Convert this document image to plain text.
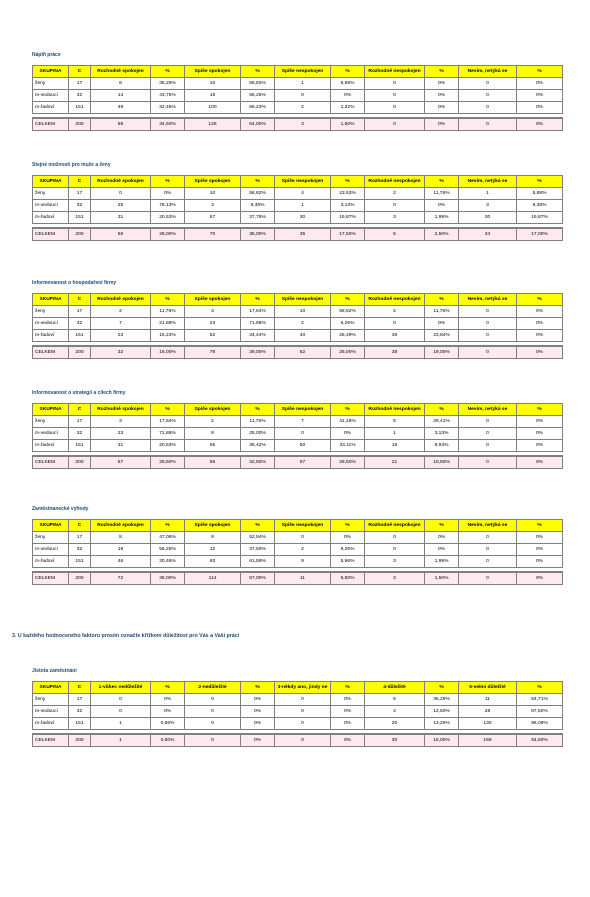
3. U každého hodnoceného faktoru prosím označte křížkem důležitost pro Vás a Vaši práci
Náplň práce
SKUPINA	C	Rozhodně spokojen	%	Spíše spokojen	%	Spíše nespokojen	%	Rozhodně nespokojen	%	Nevím, netýká se	%
ženy	17	6	35,29%	10	58,82%	1	5,88%	0	0%	0	0%
m-vedoucí	32	14	43,75%	18	56,25%	0	0%	0	0%	0	0%
m-řadoví	151	49	32,45%	100	66,23%	2	1,32%	0	0%	0	0%

CELKEM	200	69	34,50%	128	64,00%	3	1,50%	0	0%	0	0%
Stejné možnosti pro muže a ženy
SKUPINA	C	Rozhodně spokojen	%	Spíše spokojen	%	Spíše nespokojen	%	Rozhodně nespokojen	%	Nevím, netýká se	%
ženy	17	0	0%	10	58,82%	4	23,53%	2	11,76%	1	5,88%
m-vedoucí	32	25	78,13%	3	9,38%	1	3,13%	0	0%	3	9,38%
m-řadoví	151	31	20,53%	57	37,75%	30	19,87%	3	1,99%	30	19,87%

CELKEM	200	56	28,00%	70	35,00%	35	17,50%	5	2,50%	34	17,00%
Informovanost o hospodaření firmy
SKUPINA	C	Rozhodně spokojen	%	Spíše spokojen	%	Spíše nespokojen	%	Rozhodně nespokojen	%	Nevím, netýká se	%
ženy	17	2	11,76%	3	17,64%	10	58,82%	2	11,76%	0	0%
m-vedoucí	32	7	21,88%	23	71,88%	2	6,25%	0	0%	0	0%
m-řadoví	151	23	15,23%	52	34,44%	40	26,49%	36	23,84%	0	0%

CELKEM	200	32	16,00%	78	39,00%	52	26,00%	38	19,00%	0	0%
Informovanost o strategii a cílech firmy
SKUPINA	C	Rozhodně spokojen	%	Spíše spokojen	%	Spíše nespokojen	%	Rozhodně nespokojen	%	Nevím, netýká se	%
ženy	17	3	17,64%	2	11,76%	7	41,18%	5	29,41%	0	0%
m-vedoucí	32	23	71,86%	8	25,00%	0	0%	1	3,13%	0	0%
m-řadoví	151	31	20,53%	55	36,42%	50	33,11%	15	9,93%	0	0%

CELKEM	200	57	28,50%	65	32,50%	57	28,50%	21	10,50%	0	0%
Zaměstnanecké výhody
SKUPINA	C	Rozhodně spokojen	%	Spíše spokojen	%	Spíše nespokojen	%	Rozhodně nespokojen	%	Nevím, netýká se	%
ženy	17	8	47,06%	9	52,94%	0	0%	0	0%	0	0%
m-vedoucí	32	18	56,25%	12	37,50%	2	6,25%	0	0%	0	0%
m-řadoví	151	46	30,46%	93	61,59%	9	5,96%	3	1,99%	0	0%

CELKEM	200	72	36,00%	114	57,00%	11	5,50%	3	1,50%	0	0%
Jistota zaměstnání
SKUPINA	C	1-vůbec nedůležité	%	2-nedůležité	%	3-někdy ano, jindy ne	%	4-důležité	%	5-velmi důležité	%
ženy	17	0	0%	0	0%	0	0%	6	35,29%	11	64,71%
m-vedoucí	32	0	0%	0	0%	0	0%	4	12,50%	28	87,50%
m-řadoví	151	1	0,66%	0	0%	0	0%	20	13,25%	130	86,09%

CELKEM	200	1	0,50%	0	0%	0	0%	30	15,00%	169	84,50%
